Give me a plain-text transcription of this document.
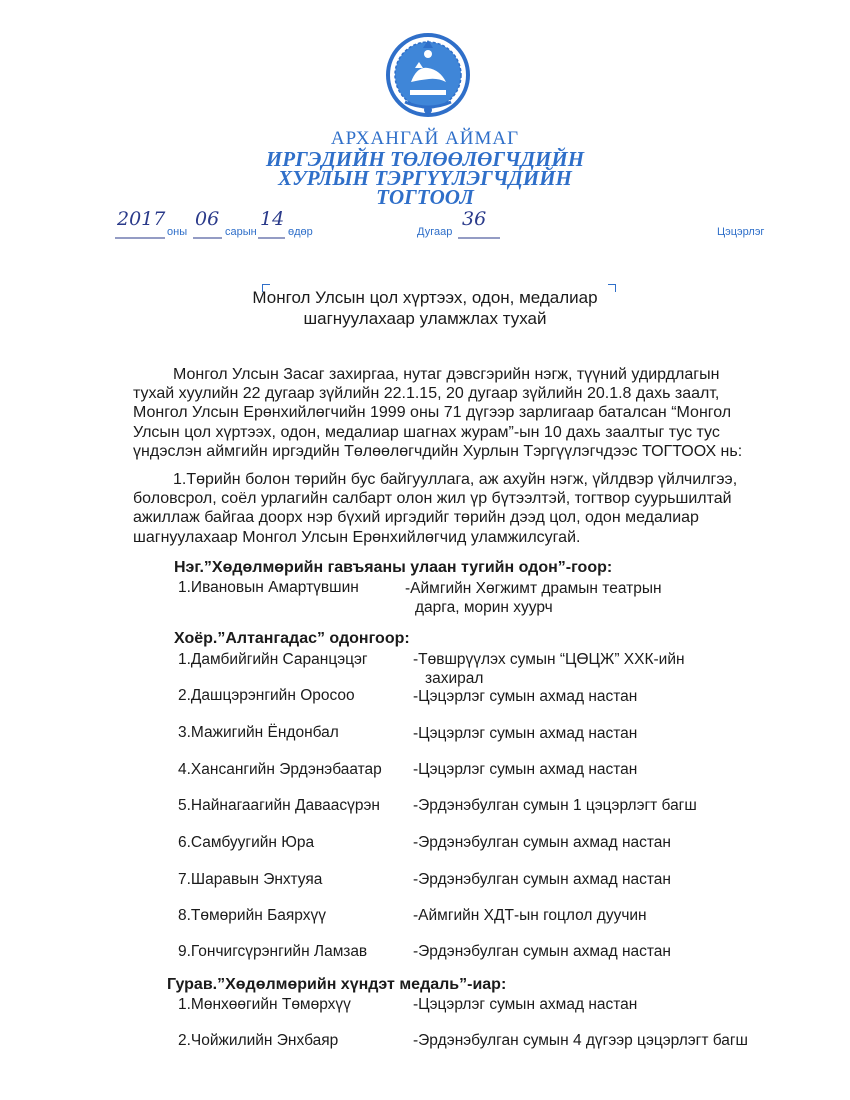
АРХАНГАЙ АЙМАГ
ИРГЭДИЙН ТӨЛӨӨЛӨГЧДИЙН
ХУРЛЫН ТЭРГҮҮЛЭГЧДИЙН
ТОГТООЛ
2017
оны
06
сарын
14
өдөр	Дугаар
36
Цэцэрлэг
Монгол Улсын цол хүртээх, одон, медалиар
шагнуулахаар уламжлах тухай
Монгол Улсын Засаг захиргаа, нутаг дэвсгэрийн нэгж, түүний удирдлагын
тухай хуулийн 22 дугаар зүйлийн 22.1.15, 20 дугаар зүйлийн 20.1.8 дахь заалт,
Монгол Улсын Ерөнхийлөгчийн 1999 оны 71 дүгээр зарлигаар баталсан “Монгол
Улсын цол хүртээх, одон, медалиар шагнах журам”-ын 10 дахь заалтыг тус тус
үндэслэн аймгийн иргэдийн Төлөөлөгчдийн Хурлын Тэргүүлэгчдээс ТОГТООХ нь:
1.Төрийн болон төрийн бус байгууллага, аж ахуйн нэгж, үйлдвэр үйлчилгээ,
боловсрол, соёл урлагийн салбарт олон жил үр бүтээлтэй, тогтвор суурьшилтай
ажиллаж байгаа доорх нэр бүхий иргэдийг төрийн дээд цол, одон медалиар
шагнуулахаар Монгол Улсын Ерөнхийлөгчид уламжилсугай.
Нэг.”Хөдөлмөрийн гавъяаны улаан тугийн одон”-гоор:
1.Ивановын Амартүвшин	-Аймгийн Хөгжимт драмын театрын
дарга, морин хуурч
Хоёр.”Алтангадас” одонгоор:
1.Дамбийгийн Саранцэцэг	-Төвшрүүлэх сумын “ЦӨЦЖ” ХХК-ийн
захирал
2.Дашцэрэнгийн Оросоо	-Цэцэрлэг сумын ахмад настан
3.Мажигийн Ёндонбал	-Цэцэрлэг сумын ахмад настан
4.Хансангийн Эрдэнэбаатар -Цэцэрлэг сумын ахмад настан
5.Найнагаагийн Даваасүрэн -Эрдэнэбулган сумын 1 цэцэрлэгт багш
6.Самбуугийн Юра	-Эрдэнэбулган сумын ахмад настан
7.Шаравын Энхтуяа	-Эрдэнэбулган сумын ахмад настан
8.Төмөрийн Баярхүү	-Аймгийн ХДТ-ын гоцлол дуучин
9.Гончигсүрэнгийн Ламзав	-Эрдэнэбулган сумын ахмад настан
Гурав.”Хөдөлмөрийн хүндэт медаль”-иар:
1.Мөнхөөгийн Төмөрхүү	-Цэцэрлэг сумын ахмад настан
2.Чойжилийн Энхбаяр	-Эрдэнэбулган сумын 4 дүгээр цэцэрлэгт багш
